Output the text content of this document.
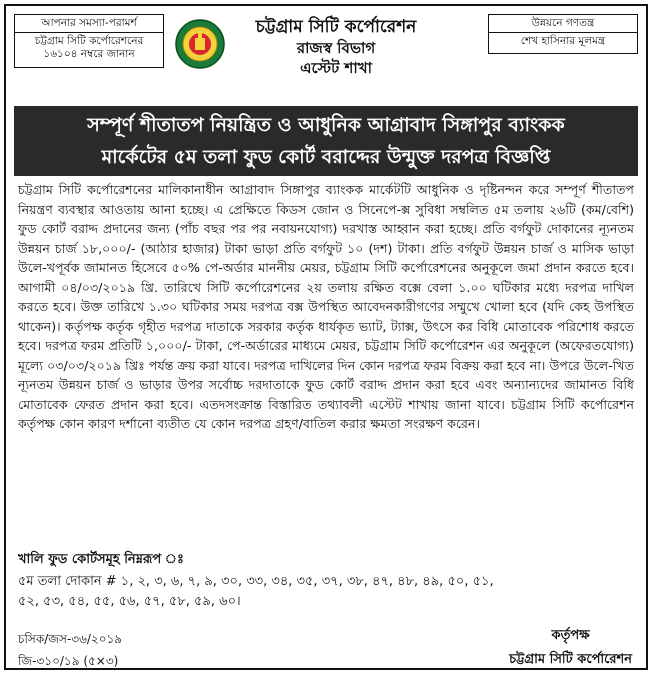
আপনার সমস্যা-পরামর্শ
চট্টগ্রাম সিটি কর্পোরেশনের
১৬১০৪ নম্বরে জানান
চট্টগ্রাম সিটি কর্পোরেশন
রাজস্ব বিভাগ
এস্টেট শাখা
উন্নয়নে গণতন্ত্র
শেখ হাসিনার মূলমন্ত্র
সম্পূর্ণ শীতাতপ নিয়ন্ত্রিত ও আধুনিক আগ্রাবাদ সিঙ্গাপুর ব্যাংকক
মার্কেটের ৫ম তলা ফুড কোর্ট বরাদ্দের উন্মুক্ত দরপত্র বিজ্ঞপ্তি
চট্টগ্রাম সিটি কর্পোরেশনের মালিকানাধীন আগ্রাবাদ সিঙ্গাপুর ব্যাংকক মার্কেটটি আধুনিক ও দৃষ্টিনন্দন করে সম্পূর্ণ শীতাতপ নিয়ন্ত্রণ ব্যবস্থার আওতায় আনা হচ্ছে। এ প্রেক্ষিতে কিডস জোন ও সিনেপে-ক্স সুবিধা সম্বলিত ৫ম তলায় ২৬টি (কম/বেশি) ফুড কোর্ট বরাদ্দ প্রদানের জন্য (পাঁচ বছর পর পর নবায়নযোগ্য) দরখাস্ত আহ্বান করা হচ্ছে। প্রতি বর্গফুট দোকানের ন্যূনতম উন্নয়ন চার্জ ১৮,০০০/- (আঠার হাজার) টাকা ভাড়া প্রতি বর্গফুট ১০ (দশ) টাকা। প্রতি বর্গফুট উন্নয়ন চার্জ ও মাসিক ভাড়া উলে-খপূর্বক জামানত হিসেবে ৫০% পে-অর্ডার মাননীয় মেয়র, চট্টগ্রাম সিটি কর্পোরেশনের অনুকূলে জমা প্রদান করতে হবে। আগামী ০৪/০৩/২০১৯ খ্রি. তারিখে সিটি কর্পোরেশনের ২য় তলায় রক্ষিত বক্সে বেলা ১.০০ ঘটিকার মধ্যে দরপত্র দাখিল করতে হবে। উক্ত তারিখে ১.৩০ ঘটিকার সময় দরপত্র বক্স উপস্থিত আবেদনকারীগণের সম্মুখে খোলা হবে (যদি কেহ উপস্থিত থাকেন)। কর্তৃপক্ষ কর্তৃক গৃহীত দরপত্র দাতাকে সরকার কর্তৃক ধার্যকৃত ভ্যাট, ট্যাক্স, উৎসে কর বিধি মোতাবেক পরিশোধ করতে হবে। দরপত্র ফরম প্রতিটি ১,০০০/- টাকা, পে-অর্ডারের মাধ্যমে মেয়র, চট্টগ্রাম সিটি কর্পোরেশন এর অনুকূলে (অফেরতযোগ্য) মূল্যে ০৩/০৩/২০১৯ খ্রিঃ পর্যন্ত ক্রয় করা যাবে। দরপত্র দাখিলের দিন কোন দরপত্র ফরম বিক্রয় করা হবে না। উপরে উলে-খিত ন্যূনতম উন্নয়ন চার্জ ও ভাড়ার উপর সর্বোচ্চ দরদাতাকে ফুড কোর্ট বরাদ্দ প্রদান করা হবে এবং অন্যান্যদের জামানত বিধি মোতাবেক ফেরত প্রদান করা হবে। এতদসংক্রান্ত বিস্তারিত তথ্যাবলী এস্টেট শাখায় জানা যাবে। চট্টগ্রাম সিটি কর্পোরেশন কর্তৃপক্ষ কোন কারণ দর্শানো ব্যতীত যে কোন দরপত্র গ্রহণ/বাতিল করার ক্ষমতা সংরক্ষণ করেন।
খালি ফুড কোর্টসমূহ নিম্নরূপ ঃ
৫ম তলা দোকান # ১, ২, ৩, ৬, ৭, ৯, ৩০, ৩৩, ৩৪, ৩৫, ৩৭, ৩৮, ৪৭, ৪৮, ৪৯, ৫০, ৫১,
৫২, ৫৩, ৫৪, ৫৫, ৫৬, ৫৭, ৫৮, ৫৯, ৬০।
চসিক/জস-৩৬/২০১৯
জি-৩১০/১৯ (৫×৩)
কর্তৃপক্ষ
চট্টগ্রাম সিটি কর্পোরেশন
